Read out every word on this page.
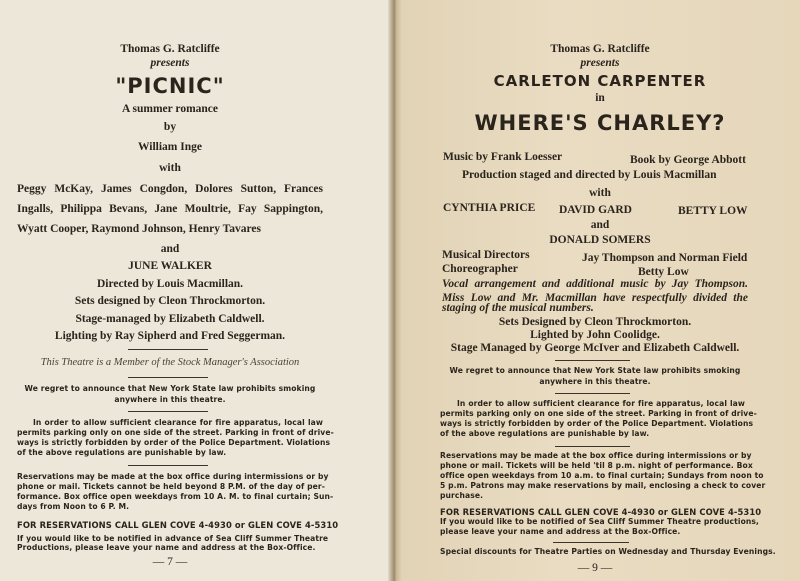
Thomas G. Ratcliffe
presents
"PICNIC"
A summer romance
by
William Inge
with
Peggy McKay, James Congdon, Dolores Sutton, Frances
Ingalls, Philippa Bevans, Jane Moultrie, Fay Sappington,
Wyatt Cooper, Raymond Johnson, Henry Tavares
and
JUNE WALKER
Directed by Louis Macmillan.
Sets designed by Cleon Throckmorton.
Stage-managed by Elizabeth Caldwell.
Lighting by Ray Sipherd and Fred Seggerman.
This Theatre is a Member of the Stock Manager's Association
We regret to announce that New York State law prohibits smoking
anywhere in this theatre.
In order to allow sufficient clearance for fire apparatus, local law
permits parking only on one side of the street. Parking in front of drive-
ways is strictly forbidden by order of the Police Department. Violations
of the above regulations are punishable by law.
Reservations may be made at the box office during intermissions or by
phone or mail. Tickets cannot be held beyond 8 P.M. of the day of per-
formance. Box office open weekdays from 10 A. M. to final curtain; Sun-
days from Noon to 6 P. M.
FOR RESERVATIONS CALL GLEN COVE 4-4930 or GLEN COVE 4-5310
If you would like to be notified in advance of Sea Cliff Summer Theatre
Productions, please leave your name and address at the Box-Office.
— 7 —
Thomas G. Ratcliffe
presents
CARLETON CARPENTER
in
WHERE'S CHARLEY?
Music by Frank Loesser	Book by George Abbott
Production staged and directed by Louis Macmillan
with
CYNTHIA PRICE DAVID GARD	BETTY LOW
and
DONALD SOMERS
Musical Directors	Jay Thompson and Norman Field
Choreographer	Betty Low
Vocal arrangement and additional music by Jay Thompson.
Miss Low and Mr. Macmillan have respectfully divided the
staging of the musical numbers.
Sets Designed by Cleon Throckmorton.
Lighted by John Coolidge.
Stage Managed by George McIver and Elizabeth Caldwell.
We regret to announce that New York State law prohibits smoking
anywhere in this theatre.
In order to allow sufficient clearance for fire apparatus, local law
permits parking only on one side of the street. Parking in front of drive-
ways is strictly forbidden by order of the Police Department. Violations
of the above regulations are punishable by law.
Reservations may be made at the box office during intermissions or by
phone or mail. Tickets will be held 'til 8 p.m. night of performance. Box
office open weekdays from 10 a.m. to final curtain; Sundays from noon to
5 p.m. Patrons may make reservations by mail, enclosing a check to cover
purchase.
FOR RESERVATIONS CALL GLEN COVE 4-4930 or GLEN COVE 4-5310
If you would like to be notified of Sea Cliff Summer Theatre productions,
please leave your name and address at the Box-Office.
Special discounts for Theatre Parties on Wednesday and Thursday Evenings.
— 9 —
